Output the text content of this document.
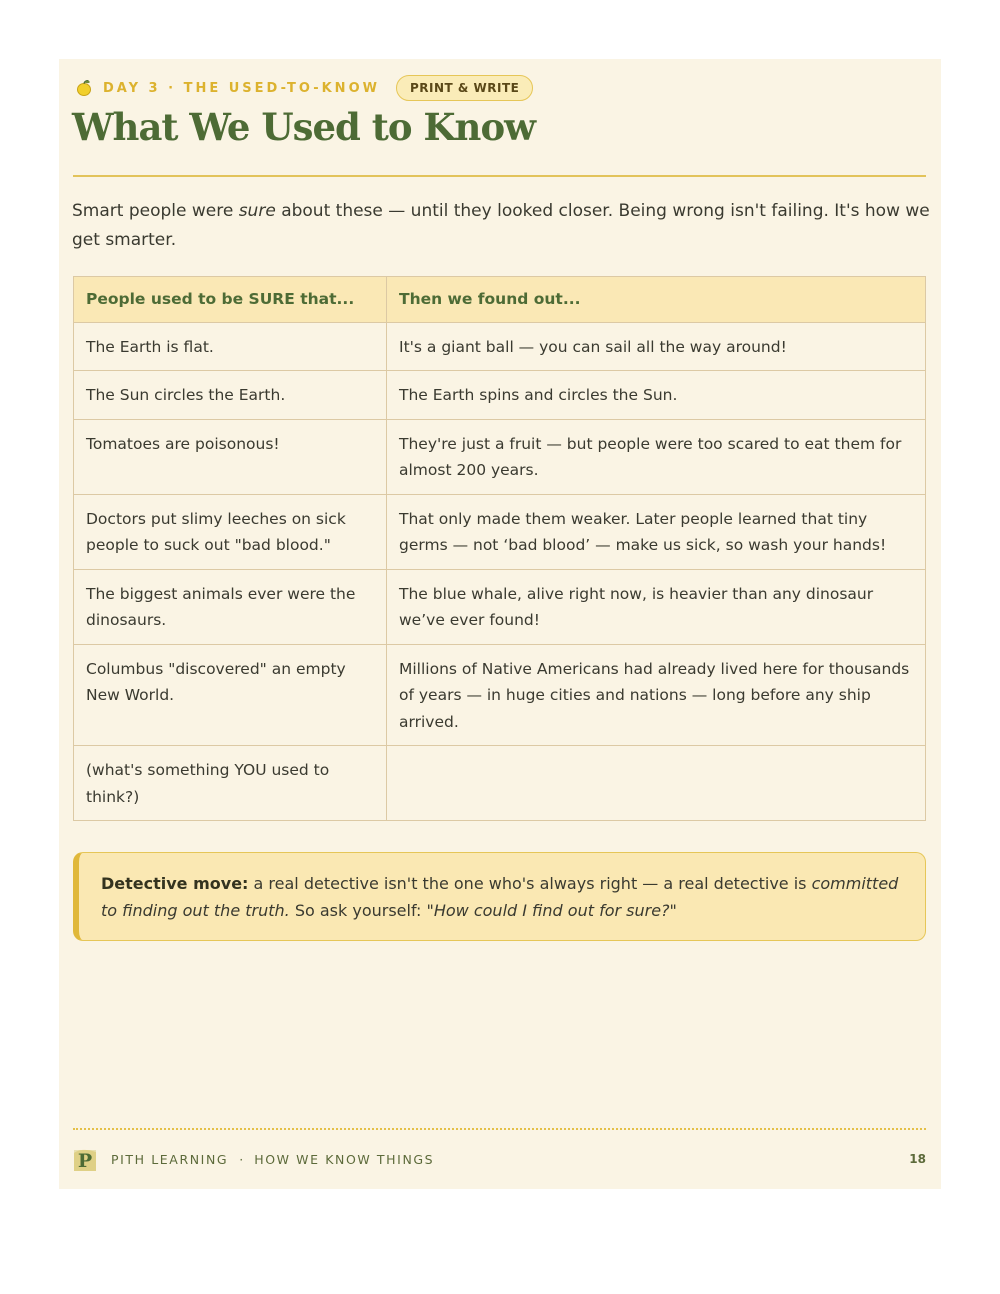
DAY 3 · THE USED-TO-KNOW	PRINT & WRITE
What We Used to Know

Smart people were sure about these — until they looked closer. Being wrong isn't failing. It's how we get smarter.

People used to be SURE that...	Then we found out...
The Earth is flat.	It's a giant ball — you can sail all the way around!
The Sun circles the Earth.	The Earth spins and circles the Sun.
Tomatoes are poisonous!	They're just a fruit — but people were too scared to eat them for almost 200 years.
Doctors put slimy leeches on sick people to suck out "bad blood."	That only made them weaker. Later people learned that tiny germs — not ‘bad blood’ — make us sick, so wash your hands!
The biggest animals ever were the dinosaurs.	The blue whale, alive right now, is heavier than any dinosaur we’ve ever found!
Columbus "discovered" an empty New World.	Millions of Native Americans had already lived here for thousands of years — in huge cities and nations — long before any ship arrived.
(what's something YOU used to think?)	
Detective move: a real detective isn't the one who's always right — a real detective is committed to finding out the truth. So ask yourself: "How could I find out for sure?"
P PITH LEARNING · HOW WE KNOW THINGS	18
